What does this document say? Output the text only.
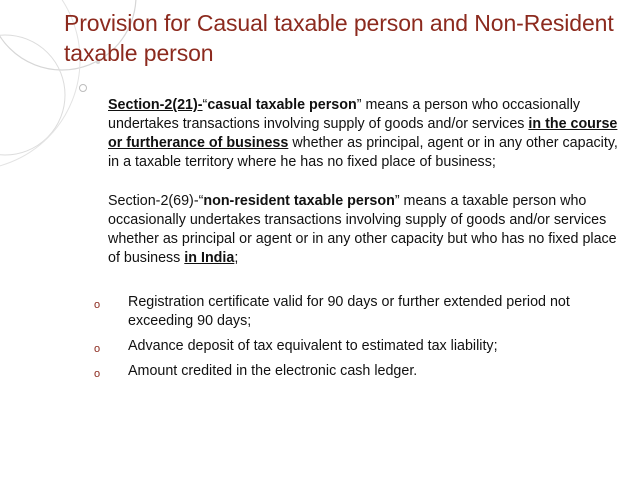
Provision for Casual taxable person and Non-Resident taxable person

Section-2(21)-“casual taxable person” means a person who occasionally undertakes transactions involving supply of goods and/or services in the course or furtherance of business whether as principal, agent or in any other capacity, in a taxable territory where he has no fixed place of business;

Section-2(69)-“non-resident taxable person” means a taxable person who occasionally undertakes transactions involving supply of goods and/or services whether as principal or agent or in any other capacity but who has no fixed place of business in India;

o Registration certificate valid for 90 days or further extended period not exceeding 90 days;
o Advance deposit of tax equivalent to estimated tax liability;
o Amount credited in the electronic cash ledger.
